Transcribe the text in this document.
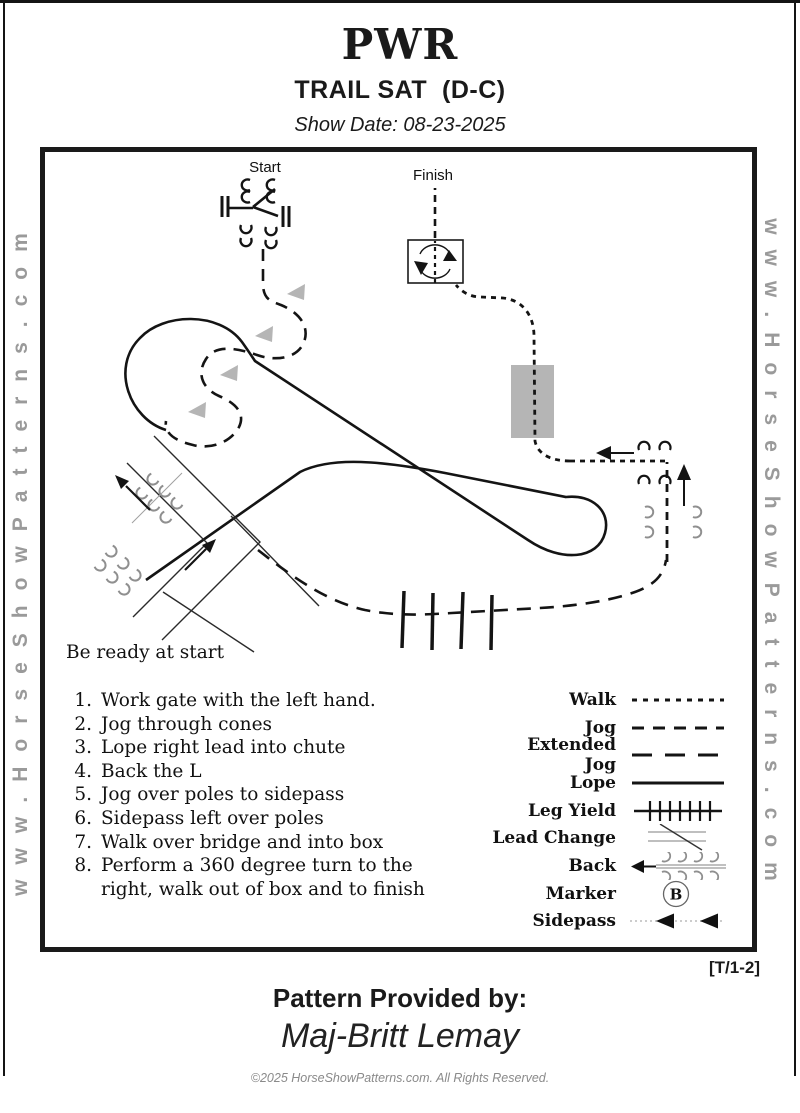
PWR
TRAIL SAT  (D-C)
Show Date: 08-23-2025
www.HorseShowPatterns.com	www.HorseShowPatterns.com
Start	Finish
Be ready at start
1. Work gate with the left hand.
2. Jog through cones
3. Lope right lead into chute
4. Back the L
5. Jog over poles to sidepass
6. Sidepass left over poles
7. Walk over bridge and into box
8. Perform a 360 degree turn to the right, walk out of box and to finish
Walk
Jog
Extended Jog
Lope
Leg Yield
Lead Change
Back
Marker	B
Sidepass
[T/1-2]
Pattern Provided by:
Maj-Britt Lemay
©2025 HorseShowPatterns.com. All Rights Reserved.
